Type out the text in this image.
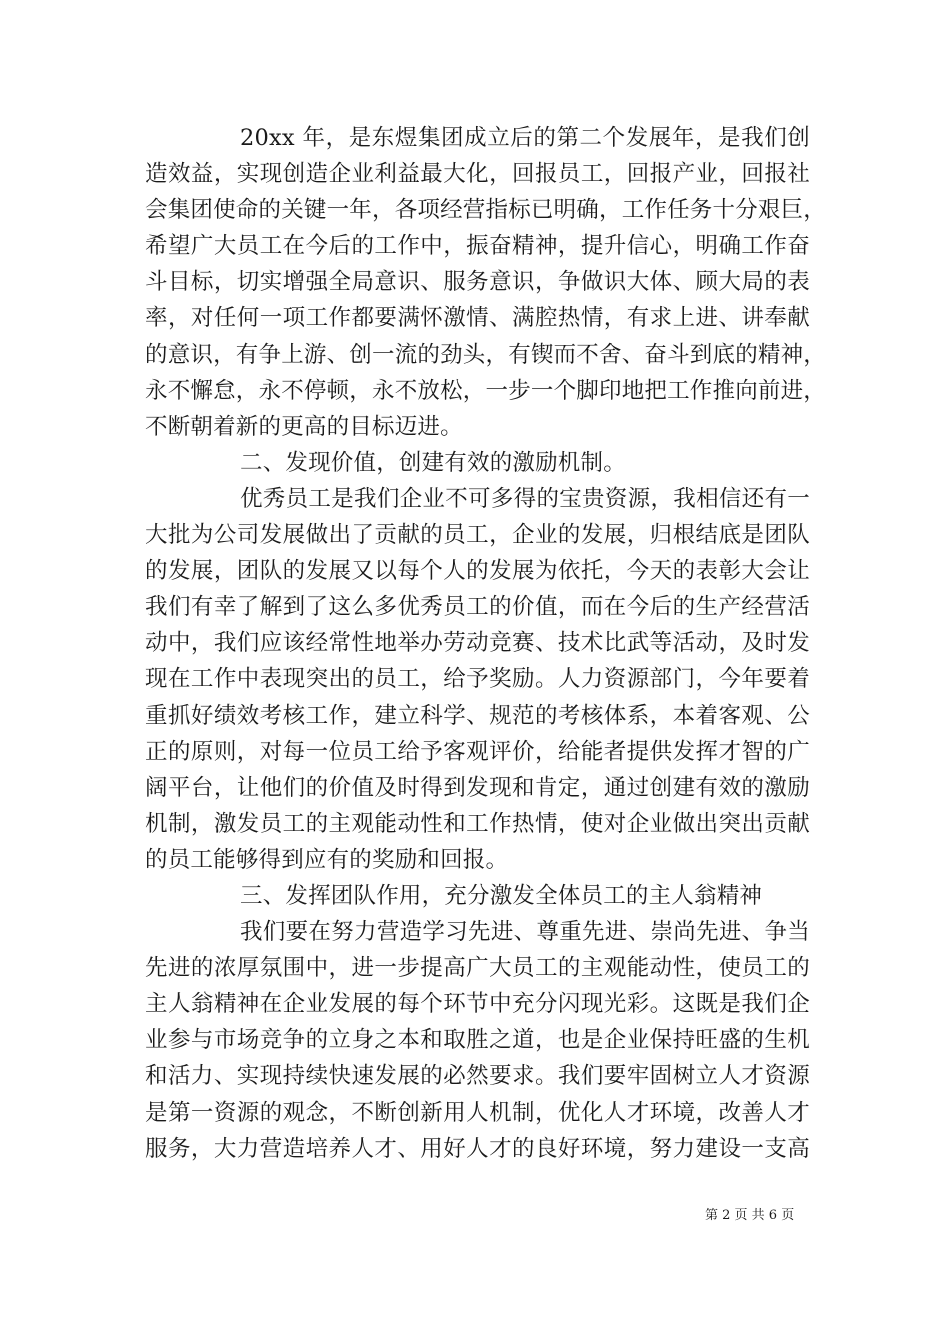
20xx 年，是东煜集团成立后的第二个发展年，是我们创
造效益，实现创造企业利益最大化，回报员工，回报产业，回报社
会集团使命的关键一年，各项经营指标已明确，工作任务十分艰巨，
希望广大员工在今后的工作中，振奋精神，提升信心，明确工作奋
斗目标，切实增强全局意识、服务意识，争做识大体、顾大局的表
率，对任何一项工作都要满怀激情、满腔热情，有求上进、讲奉献
的意识，有争上游、创一流的劲头，有锲而不舍、奋斗到底的精神，
永不懈怠，永不停顿，永不放松，一步一个脚印地把工作推向前进，
不断朝着新的更高的目标迈进。
二、发现价值，创建有效的激励机制。
优秀员工是我们企业不可多得的宝贵资源，我相信还有一
大批为公司发展做出了贡献的员工，企业的发展，归根结底是团队
的发展，团队的发展又以每个人的发展为依托，今天的表彰大会让
我们有幸了解到了这么多优秀员工的价值，而在今后的生产经营活
动中，我们应该经常性地举办劳动竞赛、技术比武等活动，及时发
现在工作中表现突出的员工，给予奖励。人力资源部门，今年要着
重抓好绩效考核工作，建立科学、规范的考核体系，本着客观、公
正的原则，对每一位员工给予客观评价，给能者提供发挥才智的广
阔平台，让他们的价值及时得到发现和肯定，通过创建有效的激励
机制，激发员工的主观能动性和工作热情，使对企业做出突出贡献
的员工能够得到应有的奖励和回报。
三、发挥团队作用，充分激发全体员工的主人翁精神
我们要在努力营造学习先进、尊重先进、崇尚先进、争当
先进的浓厚氛围中，进一步提高广大员工的主观能动性，使员工的
主人翁精神在企业发展的每个环节中充分闪现光彩。这既是我们企
业参与市场竞争的立身之本和取胜之道，也是企业保持旺盛的生机
和活力、实现持续快速发展的必然要求。我们要牢固树立人才资源
是第一资源的观念，不断创新用人机制，优化人才环境，改善人才
服务，大力营造培养人才、用好人才的良好环境，努力建设一支高
第 2 页 共 6 页
